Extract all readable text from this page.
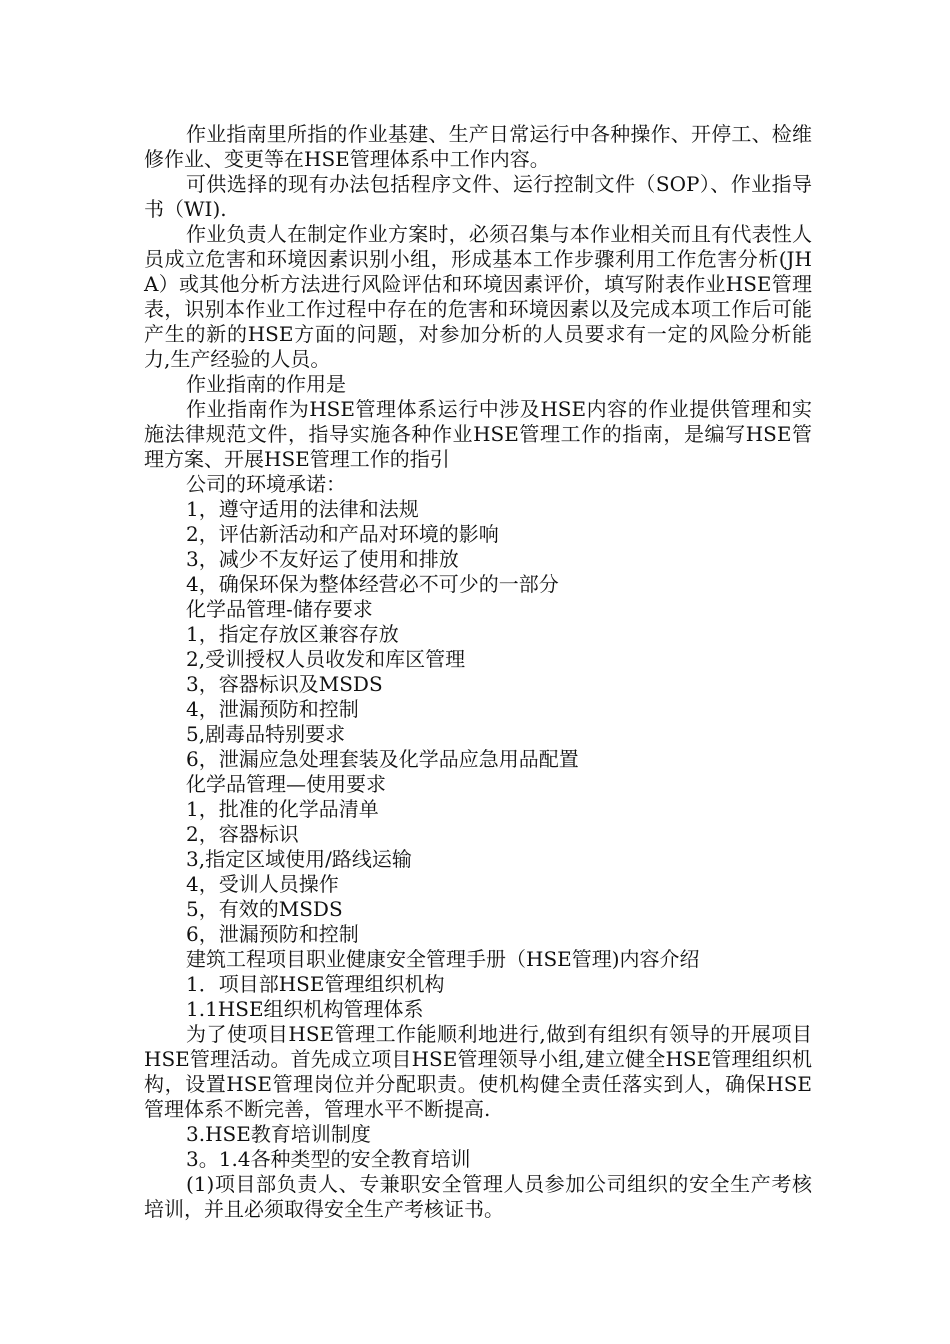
作业指南里所指的作业基建、生产日常运行中各种操作、开停工、检维修作业、变更等在HSE管理体系中工作内容。

可供选择的现有办法包括程序文件、运行控制文件（SOP）、作业指导书（WI).

作业负责人在制定作业方案时，必须召集与本作业相关而且有代表性人员成立危害和环境因素识别小组，形成基本工作步骤利用工作危害分析(JHA）或其他分析方法进行风险评估和环境因素评价，填写附表作业HSE管理表，识别本作业工作过程中存在的危害和环境因素以及完成本项工作后可能产生的新的HSE方面的问题，对参加分析的人员要求有一定的风险分析能力,生产经验的人员。

作业指南的作用是

作业指南作为HSE管理体系运行中涉及HSE内容的作业提供管理和实施法律规范文件，指导实施各种作业HSE管理工作的指南，是编写HSE管理方案、开展HSE管理工作的指引

公司的环境承诺：

1，遵守适用的法律和法规

2，评估新活动和产品对环境的影响

3，减少不友好运了使用和排放

4，确保环保为整体经营必不可少的一部分

化学品管理-储存要求

1，指定存放区兼容存放

2,受训授权人员收发和库区管理

3，容器标识及MSDS

4，泄漏预防和控制

5,剧毒品特别要求

6，泄漏应急处理套装及化学品应急用品配置

化学品管理—使用要求

1，批准的化学品清单

2，容器标识

3,指定区域使用/路线运输

4，受训人员操作

5，有效的MSDS

6，泄漏预防和控制

建筑工程项目职业健康安全管理手册（HSE管理)内容介绍

1．项目部HSE管理组织机构

1.1HSE组织机构管理体系

为了使项目HSE管理工作能顺利地进行,做到有组织有领导的开展项目HSE管理活动。首先成立项目HSE管理领导小组,建立健全HSE管理组织机构，设置HSE管理岗位并分配职责。使机构健全责任落实到人，确保HSE管理体系不断完善，管理水平不断提高.

3.HSE教育培训制度

3。1.4各种类型的安全教育培训

(1)项目部负责人、专兼职安全管理人员参加公司组织的安全生产考核培训，并且必须取得安全生产考核证书。
